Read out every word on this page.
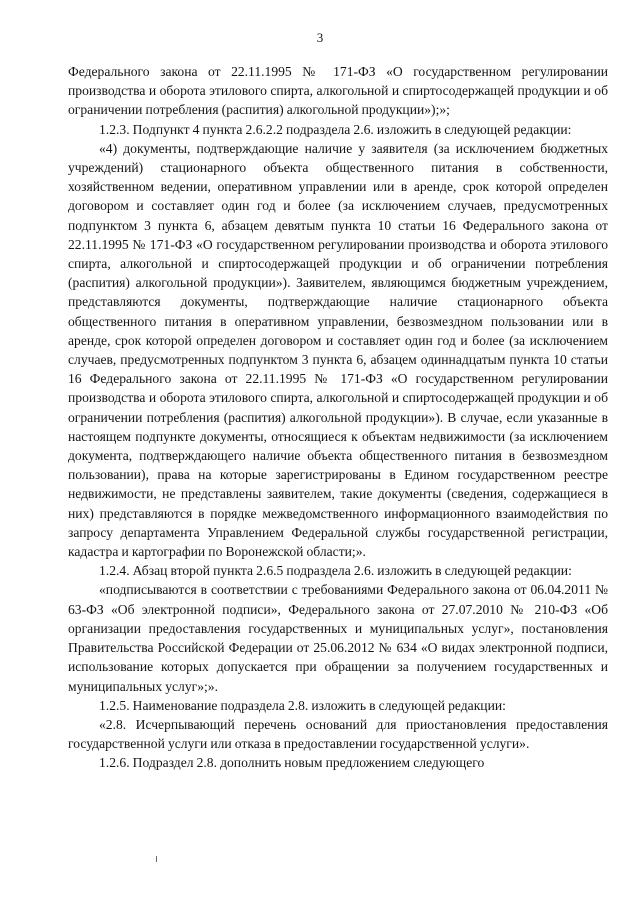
3

Федерального закона от 22.11.1995 № 171-ФЗ «О государственном регулировании производства и оборота этилового спирта, алкогольной и спиртосодержащей продукции и об ограничении потребления (распития) алкогольной продукции»);»;

1.2.3. Подпункт 4 пункта 2.6.2.2 подраздела 2.6. изложить в следующей редакции:

«4) документы, подтверждающие наличие у заявителя (за исключением бюджетных учреждений) стационарного объекта общественного питания в собственности, хозяйственном ведении, оперативном управлении или в аренде, срок которой определен договором и составляет один год и более (за исключением случаев, предусмотренных подпунктом 3 пункта 6, абзацем девятым пункта 10 статьи 16 Федерального закона от 22.11.1995 № 171-ФЗ «О государственном регулировании производства и оборота этилового спирта, алкогольной и спиртосодержащей продукции и об ограничении потребления (распития) алкогольной продукции»). Заявителем, являющимся бюджетным учреждением, представляются документы, подтверждающие наличие стационарного объекта общественного питания в оперативном управлении, безвозмездном пользовании или в аренде, срок которой определен договором и составляет один год и более (за исключением случаев, предусмотренных подпунктом 3 пункта 6, абзацем одиннадцатым пункта 10 статьи 16 Федерального закона от 22.11.1995 № 171-ФЗ «О государственном регулировании производства и оборота этилового спирта, алкогольной и спиртосодержащей продукции и об ограничении потребления (распития) алкогольной продукции»). В случае, если указанные в настоящем подпункте документы, относящиеся к объектам недвижимости (за исключением документа, подтверждающего наличие объекта общественного питания в безвозмездном пользовании), права на которые зарегистрированы в Едином государственном реестре недвижимости, не представлены заявителем, такие документы (сведения, содержащиеся в них) представляются в порядке межведомственного информационного взаимодействия по запросу департамента Управлением Федеральной службы государственной регистрации, кадастра и картографии по Воронежской области;».

1.2.4. Абзац второй пункта 2.6.5 подраздела 2.6. изложить в следующей редакции:

«подписываются в соответствии с требованиями Федерального закона от 06.04.2011 № 63-ФЗ «Об электронной подписи», Федерального закона от 27.07.2010 № 210-ФЗ «Об организации предоставления государственных и муниципальных услуг», постановления Правительства Российской Федерации от 25.06.2012 № 634 «О видах электронной подписи, использование которых допускается при обращении за получением государственных и муниципальных услуг»;».

1.2.5. Наименование подраздела 2.8. изложить в следующей редакции:

«2.8. Исчерпывающий перечень оснований для приостановления предоставления государственной услуги или отказа в предоставлении государственной услуги».

1.2.6. Подраздел 2.8. дополнить новым предложением следующего
